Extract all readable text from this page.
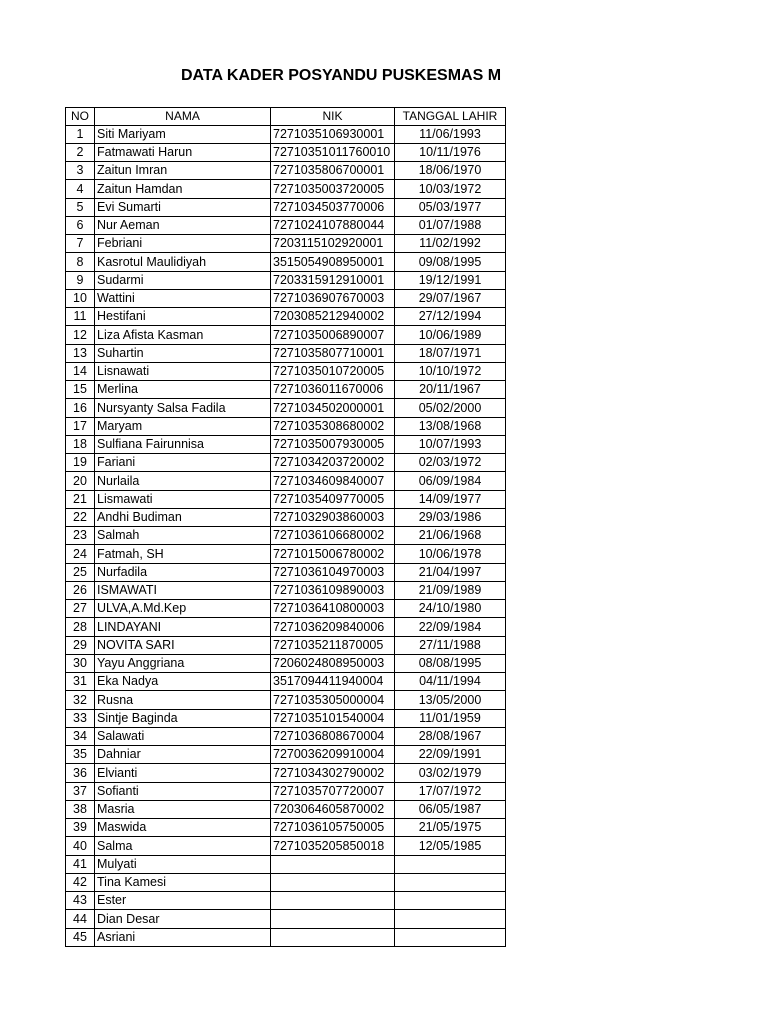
DATA KADER POSYANDU PUSKESMAS M
NO	NAMA	NIK	TANGGAL LAHIR
1	Siti Mariyam	7271035106930001	11/06/1993
2	Fatmawati Harun	72710351011760010	10/11/1976
3	Zaitun Imran	7271035806700001	18/06/1970
4	Zaitun Hamdan	7271035003720005	10/03/1972
5	Evi Sumarti	7271034503770006	05/03/1977
6	Nur Aeman	7271024107880044	01/07/1988
7	Febriani	7203115102920001	11/02/1992
8	Kasrotul Maulidiyah	3515054908950001	09/08/1995
9	Sudarmi	7203315912910001	19/12/1991
10	Wattini	7271036907670003	29/07/1967
11	Hestifani	7203085212940002	27/12/1994
12	Liza Afista Kasman	7271035006890007	10/06/1989
13	Suhartin	7271035807710001	18/07/1971
14	Lisnawati	7271035010720005	10/10/1972
15	Merlina	7271036011670006	20/11/1967
16	Nursyanty Salsa Fadila	7271034502000001	05/02/2000
17	Maryam	7271035308680002	13/08/1968
18	Sulfiana Fairunnisa	7271035007930005	10/07/1993
19	Fariani	7271034203720002	02/03/1972
20	Nurlaila	7271034609840007	06/09/1984
21	Lismawati	7271035409770005	14/09/1977
22	Andhi Budiman	7271032903860003	29/03/1986
23	Salmah	7271036106680002	21/06/1968
24	Fatmah, SH	7271015006780002	10/06/1978
25	Nurfadila	7271036104970003	21/04/1997
26	ISMAWATI	7271036109890003	21/09/1989
27	ULVA,A.Md.Kep	7271036410800003	24/10/1980
28	LINDAYANI	7271036209840006	22/09/1984
29	NOVITA SARI	7271035211870005	27/11/1988
30	Yayu Anggriana	7206024808950003	08/08/1995
31	Eka Nadya	3517094411940004	04/11/1994
32	Rusna	7271035305000004	13/05/2000
33	Sintje Baginda	7271035101540004	11/01/1959
34	Salawati	7271036808670004	28/08/1967
35	Dahniar	7270036209910004	22/09/1991
36	Elvianti	7271034302790002	03/02/1979
37	Sofianti	7271035707720007	17/07/1972
38	Masria	7203064605870002	06/05/1987
39	Maswida	7271036105750005	21/05/1975
40	Salma	7271035205850018	12/05/1985
41	Mulyati		
42	Tina Kamesi		
43	Ester		
44	Dian Desar		
45	Asriani		
